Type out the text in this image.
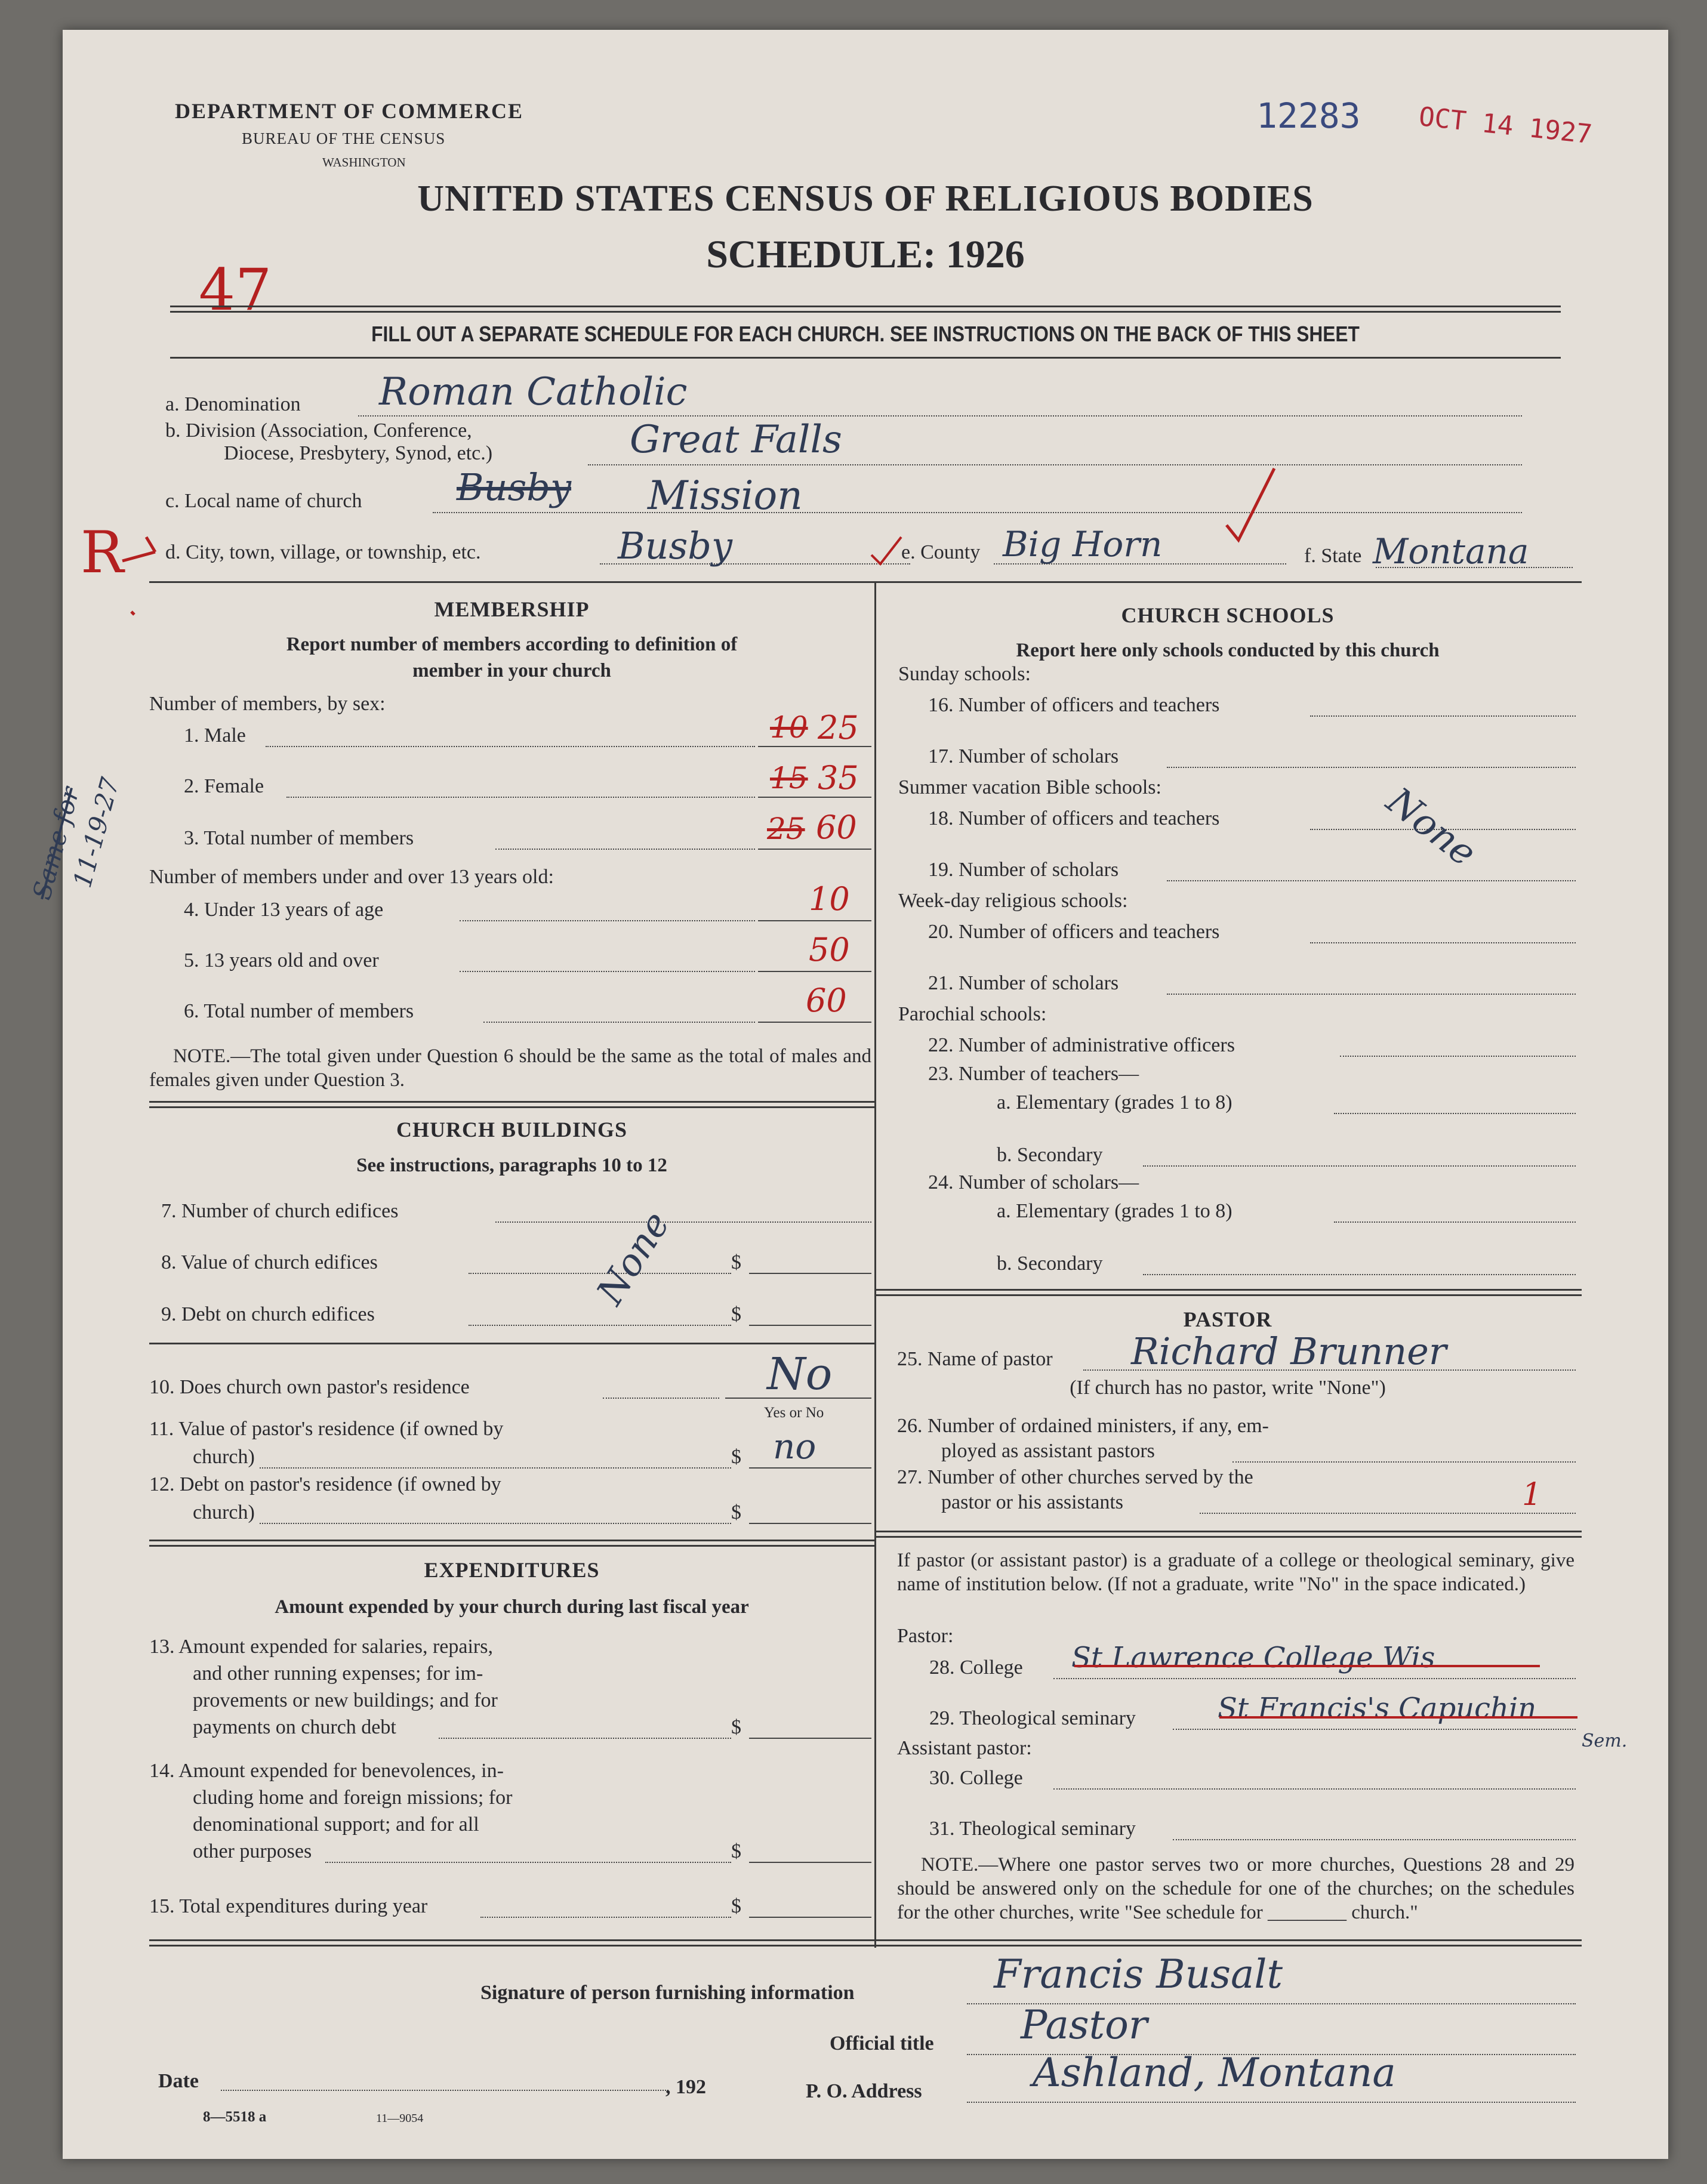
DEPARTMENT OF COMMERCE
BUREAU OF THE CENSUS
WASHINGTON
12283 OCT 14 1927
UNITED STATES CENSUS OF RELIGIOUS BODIES
SCHEDULE: 1926
47
FILL OUT A SEPARATE SCHEDULE FOR EACH CHURCH. SEE INSTRUCTIONS ON THE BACK OF THIS SHEET
a. Denomination Roman Catholic
b. Division (Association, Conference,
Diocese, Presbytery, Synod, etc.)	Great Falls
c. Local name of church	Busby Mission
R d. City, town, village, or township, etc.	Busby	e. County Big Horn	f. State Montana
MEMBERSHIP
Report number of members according to definition of
member in your church
Number of members, by sex:
1. Male	10 25
2. Female	15 35
3. Total number of members	25 60
Number of members under and over 13 years old:
4. Under 13 years of age	10
5. 13 years old and over	50
6. Total number of members	60
NOTE.—The total given under Question 6 should be the same as the total of males and females given under Question 3.
Same for
11-19-27
CHURCH BUILDINGS
See instructions, paragraphs 10 to 12
7. Number of church edifices
8. Value of church edifices	$
9. Debt on church edifices	$
None
10. Does church own pastor's residence	No
Yes or No
11. Value of pastor's residence (if owned by
church)	$ no
12. Debt on pastor's residence (if owned by
church)	$
EXPENDITURES
Amount expended by your church during last fiscal year
13. Amount expended for salaries, repairs,
and other running expenses; for im-
provements or new buildings; and for
payments on church debt	$
14. Amount expended for benevolences, in-
cluding home and foreign missions; for
denominational support; and for all
other purposes	$
15. Total expenditures during year	$
CHURCH SCHOOLS
Report here only schools conducted by this church
Sunday schools:
16. Number of officers and teachers
17. Number of scholars
Summer vacation Bible schools:
18. Number of officers and teachers	None
19. Number of scholars
Week-day religious schools:
20. Number of officers and teachers
21. Number of scholars
Parochial schools:
22. Number of administrative officers
23. Number of teachers—
a. Elementary (grades 1 to 8)
b. Secondary
24. Number of scholars—
a. Elementary (grades 1 to 8)
b. Secondary
PASTOR
25. Name of pastor Richard Brunner
(If church has no pastor, write "None")
26. Number of ordained ministers, if any, em-
ployed as assistant pastors
27. Number of other churches served by the
pastor or his assistants	1
If pastor (or assistant pastor) is a graduate of a college or theological seminary, give name of institution below. (If not a graduate, write "No" in the space indicated.)
Pastor:
28. College St Lawrence College Wis
29. Theological seminary	St Francis's Capuchin
Sem.
Assistant pastor:
30. College
31. Theological seminary
NOTE.—Where one pastor serves two or more churches, Questions 28 and 29 should be answered only on the schedule for one of the churches; on the schedules for the other churches, write "See schedule for ________ church."
Signature of person furnishing information	Francis Busalt
Official title Pastor
Date	, 192	P. O. Address	Ashland, Montana
8—5518 a	11—9054
